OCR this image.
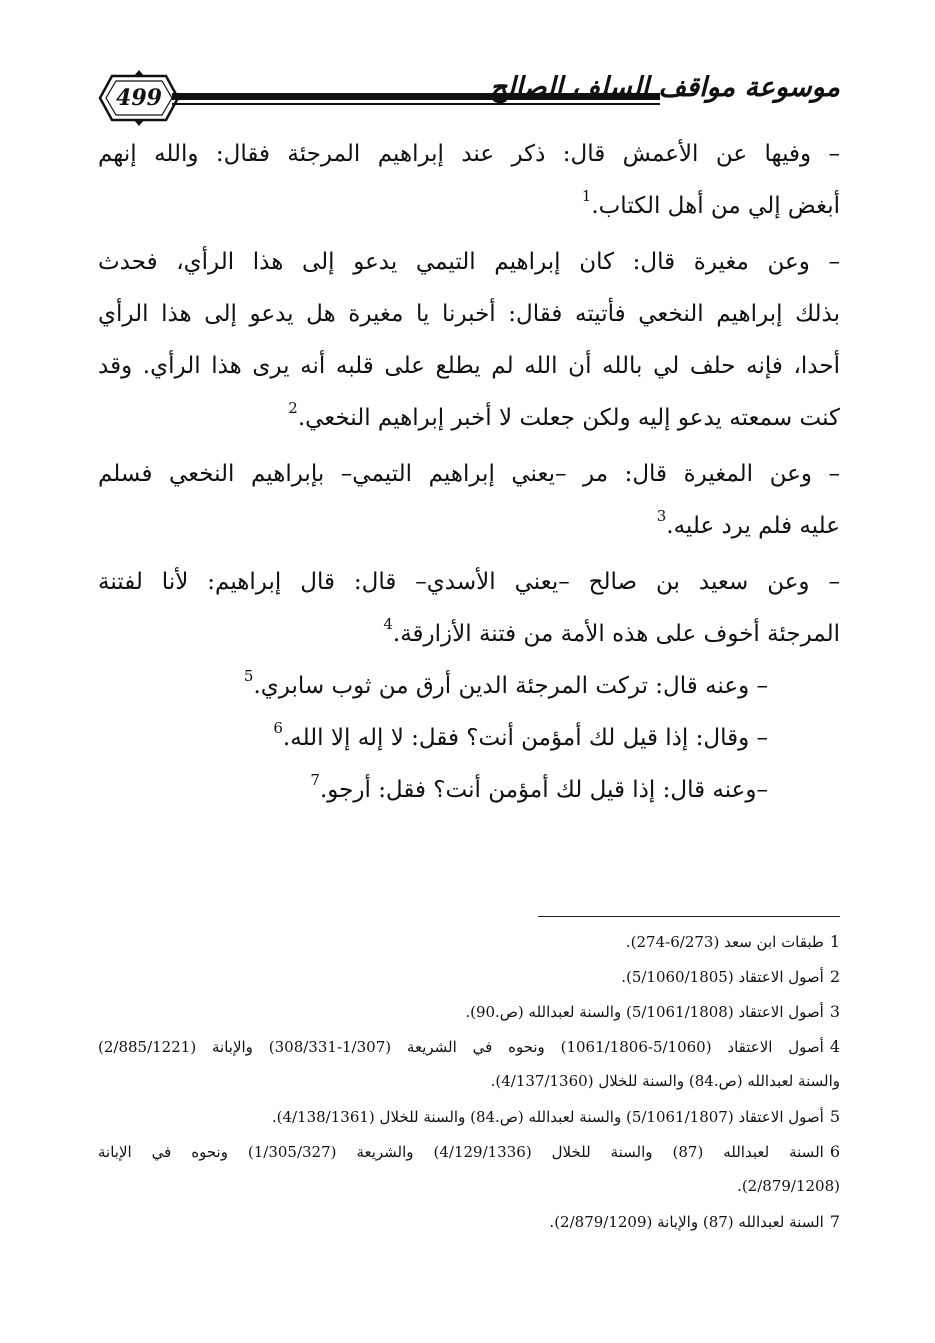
499	موسوعة مواقف السلف الصالح
– وفيها عن الأعمش قال: ذكر عند إبراهيم المرجئة فقال: والله إنهم
أبغض إلي من أهل الكتاب.$^1$
– وعن مغيرة قال: كان إبراهيم التيمي يدعو إلى هذا الرأي، فحدث
بذلك إبراهيم النخعي فأتيته فقال: أخبرنا يا مغيرة هل يدعو إلى هذا الرأي
أحدا، فإنه حلف لي بالله أن الله لم يطلع على قلبه أنه يرى هذا الرأي. وقد
كنت سمعته يدعو إليه ولكن جعلت لا أخبر إبراهيم النخعي.$^2$
– وعن المغيرة قال: مر –يعني إبراهيم التيمي– بإبراهيم النخعي فسلم
عليه فلم يرد عليه.$^3$
– وعن سعيد بن صالح –يعني الأسدي– قال: قال إبراهيم: لأنا لفتنة
المرجئة أخوف على هذه الأمة من فتنة الأزارقة.$^4$
– وعنه قال: تركت المرجئة الدين أرق من ثوب سابري.$^5$
– وقال: إذا قيل لك أمؤمن أنت؟ فقل: لا إله إلا الله.$^6$
–وعنه قال: إذا قيل لك أمؤمن أنت؟ فقل: أرجو.$^7$
1طبقات ابن سعد (6/273-274).
2أصول الاعتقاد (5/1060/1805).
3أصول الاعتقاد (5/1061/1808) والسنة لعبدالله (ص.90).
4أصول الاعتقاد (5/1060-1061/1806) ونحوه في الشريعة (1/307-308/331) والإبانة (2/885/1221)
والسنة لعبدالله (ص.84) والسنة للخلال (4/137/1360).
5أصول الاعتقاد (5/1061/1807) والسنة لعبدالله (ص.84) والسنة للخلال (4/138/1361).
6السنة لعبدالله (87) والسنة للخلال (4/129/1336) والشريعة (1/305/327) ونحوه في الإبانة
(2/879/1208).
7السنة لعبدالله (87) والإبانة (2/879/1209).
